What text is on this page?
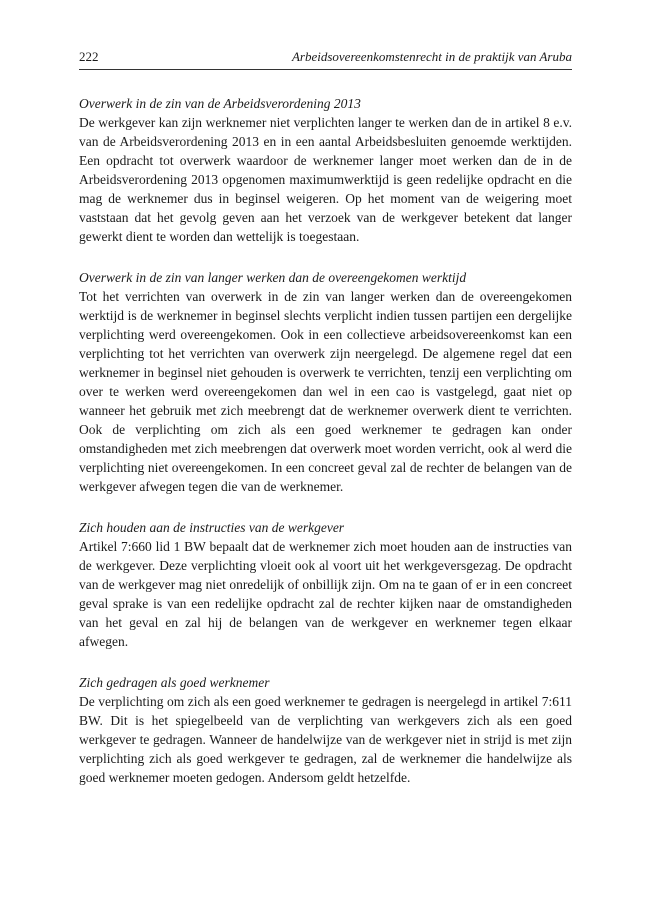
222	Arbeidsovereenkomstenrecht in de praktijk van Aruba

Overwerk in de zin van de Arbeidsverordening 2013

De werkgever kan zijn werknemer niet verplichten langer te werken dan de in artikel 8 e.v. van de Arbeidsverordening 2013 en in een aantal Arbeidsbesluiten genoemde werktijden. Een opdracht tot overwerk waardoor de werknemer langer moet werken dan de in de Arbeidsverordening 2013 opgenomen maximumwerktijd is geen redelijke opdracht en die mag de werknemer dus in beginsel weigeren. Op het moment van de weigering moet vaststaan dat het gevolg geven aan het verzoek van de werkgever betekent dat langer gewerkt dient te worden dan wettelijk is toegestaan.

Overwerk in de zin van langer werken dan de overeengekomen werktijd

Tot het verrichten van overwerk in de zin van langer werken dan de overeengekomen werktijd is de werknemer in beginsel slechts verplicht indien tussen partijen een dergelijke verplichting werd overeengekomen. Ook in een collectieve arbeidsovereenkomst kan een verplichting tot het verrichten van overwerk zijn neergelegd. De algemene regel dat een werknemer in beginsel niet gehouden is overwerk te verrichten, tenzij een verplichting om over te werken werd overeengekomen dan wel in een cao is vastgelegd, gaat niet op wanneer het gebruik met zich meebrengt dat de werknemer overwerk dient te verrichten. Ook de verplichting om zich als een goed werknemer te gedragen kan onder omstandigheden met zich meebrengen dat overwerk moet worden verricht, ook al werd die verplichting niet overeengekomen. In een concreet geval zal de rechter de belangen van de werkgever afwegen tegen die van de werknemer.

Zich houden aan de instructies van de werkgever

Artikel 7:660 lid 1 BW bepaalt dat de werknemer zich moet houden aan de instructies van de werkgever. Deze verplichting vloeit ook al voort uit het werkgeversgezag. De opdracht van de werkgever mag niet onredelijk of onbillijk zijn. Om na te gaan of er in een concreet geval sprake is van een redelijke opdracht zal de rechter kijken naar de omstandigheden van het geval en zal hij de belangen van de werkgever en werknemer tegen elkaar afwegen.

Zich gedragen als goed werknemer

De verplichting om zich als een goed werknemer te gedragen is neergelegd in artikel 7:611 BW. Dit is het spiegelbeeld van de verplichting van werkgevers zich als een goed werkgever te gedragen. Wanneer de handelwijze van de werkgever niet in strijd is met zijn verplichting zich als goed werkgever te gedragen, zal de werknemer die handelwijze als goed werknemer moeten gedogen. Andersom geldt hetzelfde.
